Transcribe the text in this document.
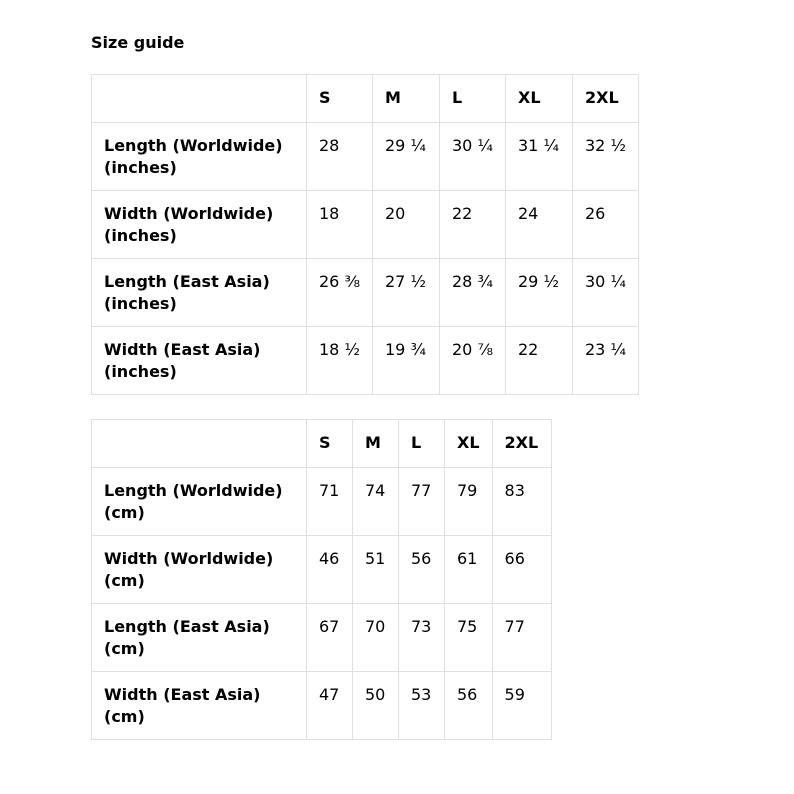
Size guide
	S	M	L	XL	2XL
Length (Worldwide) (inches)	28	29 ¼	30 ¼	31 ¼	32 ½
Width (Worldwide) (inches)	18	20	22	24	26
Length (East Asia) (inches)	26 ⅜	27 ½	28 ¾	29 ½	30 ¼
Width (East Asia) (inches)	18 ½	19 ¾	20 ⅞	22	23 ¼
	S	M	L	XL	2XL
Length (Worldwide) (cm)	71	74	77	79	83
Width (Worldwide) (cm)	46	51	56	61	66
Length (East Asia) (cm)	67	70	73	75	77
Width (East Asia) (cm)	47	50	53	56	59
